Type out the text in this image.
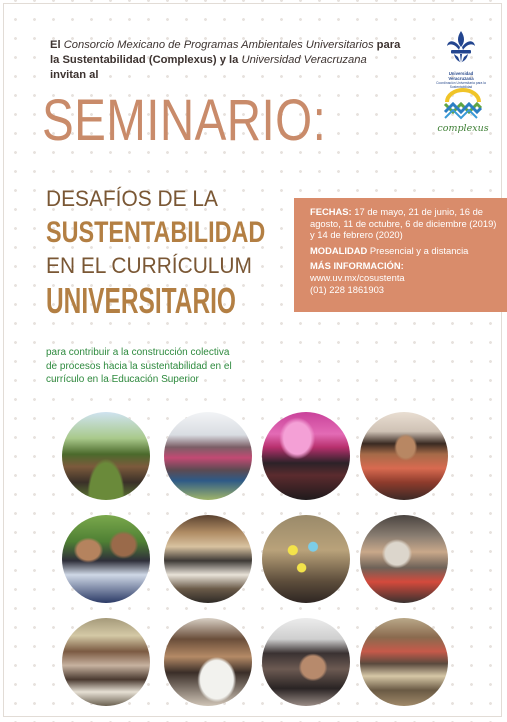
El Consorcio Mexicano de Programas Ambientales Universitarios para
la Sustentabilidad (Complexus) y la Universidad Veracruzana
invitan al	Universidad Veracruzana
Coordinación Universitaria para la Sustentabilidad
complexus
SEMINARIO:
DESAFÍOS DE LA
SUSTENTABILIDAD
EN EL CURRÍCULUM
UNIVERSITARIO
para contribuir a la construcción colectiva
de procesos hacia la sustentabilidad en el
currículo en la Educación Superior

FECHAS: 17 de mayo, 21 de junio, 16 de agosto, 11 de octubre, 6 de diciembre (2019) y 14 de febrero (2020)

MODALIDAD Presencial y a distancia

MÁS INFORMACIÓN:
www.uv.mx/cosustenta
(01) 228 1861903
